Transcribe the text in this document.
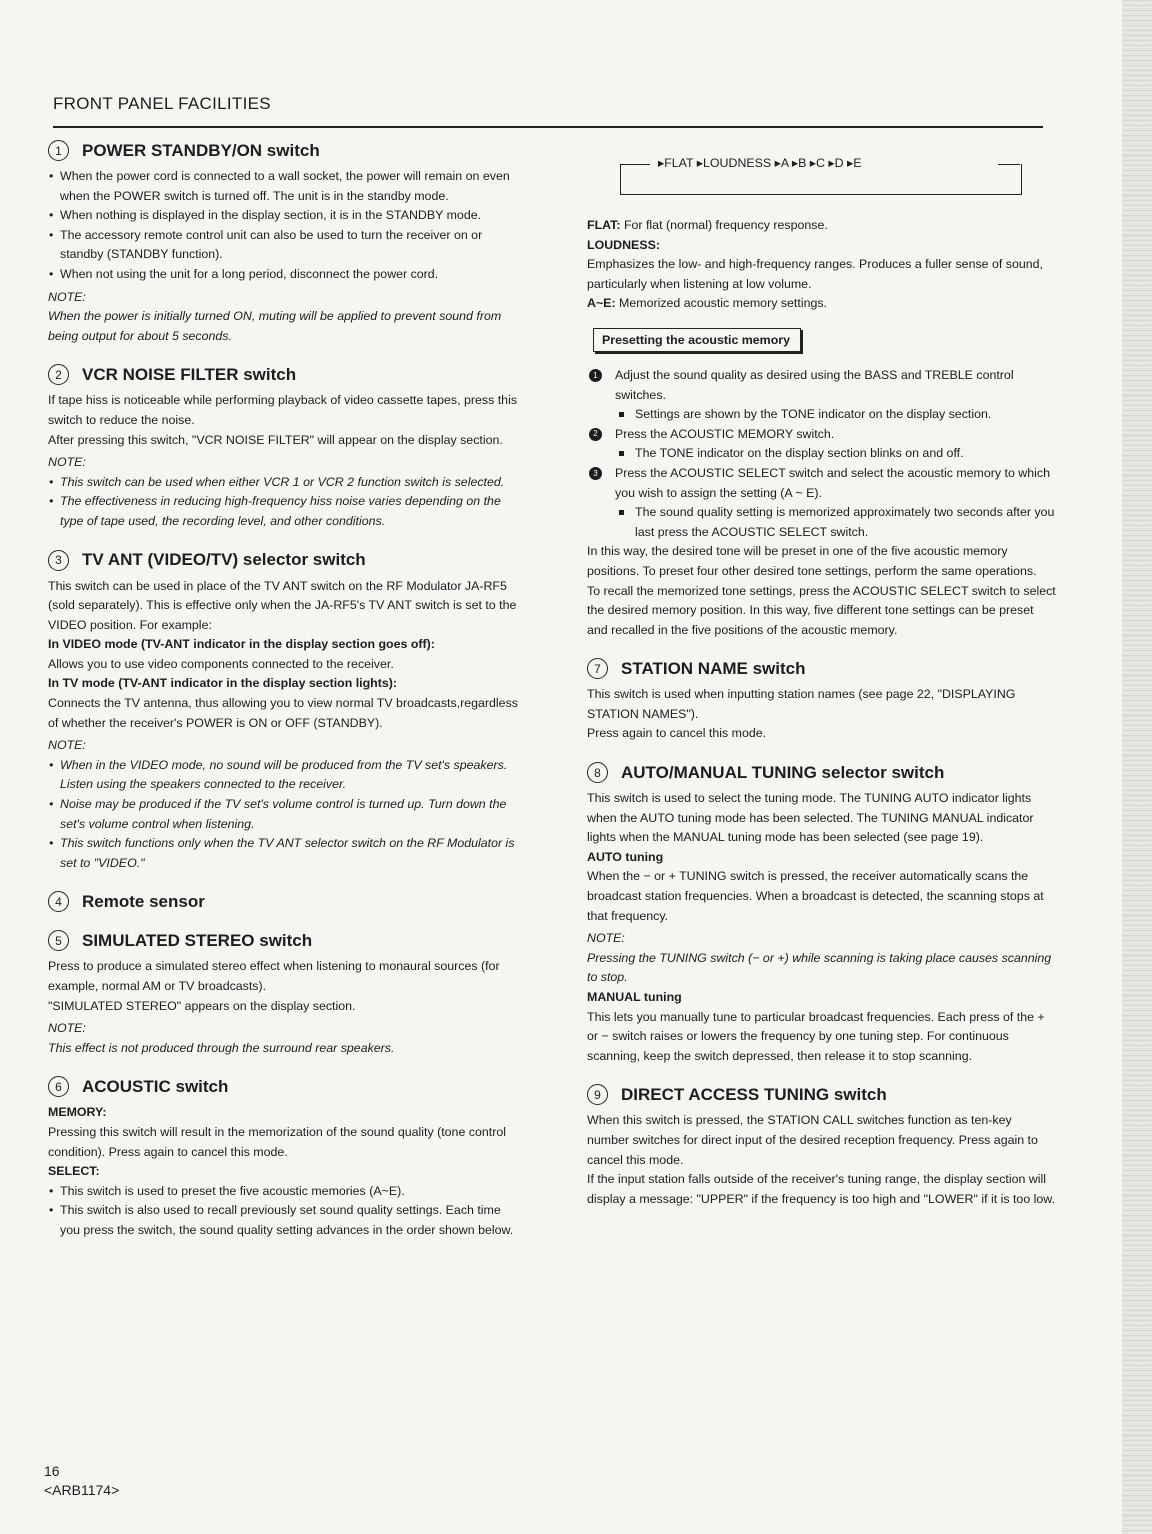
FRONT PANEL FACILITIES
1	POWER STANDBY/ON switch
• When the power cord is connected to a wall socket, the power will remain on even when the POWER switch is turned off. The unit is in the standby mode.
• When nothing is displayed in the display section, it is in the STANDBY mode.
• The accessory remote control unit can also be used to turn the receiver on or standby (STANDBY function).
• When not using the unit for a long period, disconnect the power cord.
NOTE:

When the power is initially turned ON, muting will be applied to prevent sound from being output for about 5 seconds.

2	VCR NOISE FILTER switch

If tape hiss is noticeable while performing playback of video cassette tapes, press this switch to reduce the noise.

After pressing this switch, "VCR NOISE FILTER" will appear on the display section.

NOTE:
• This switch can be used when either VCR 1 or VCR 2 function switch is selected.
• The effectiveness in reducing high-frequency hiss noise varies depending on the type of tape used, the recording level, and other conditions.
3	TV ANT (VIDEO/TV) selector switch

This switch can be used in place of the TV ANT switch on the RF Modulator JA-RF5 (sold separately). This is effective only when the JA-RF5's TV ANT switch is set to the VIDEO position. For example:

In VIDEO mode (TV-ANT indicator in the display section goes off):

Allows you to use video components connected to the receiver.

In TV mode (TV-ANT indicator in the display section lights):

Connects the TV antenna, thus allowing you to view normal TV broadcasts,regardless of whether the receiver's POWER is ON or OFF (STANDBY).

NOTE:
• When in the VIDEO mode, no sound will be produced from the TV set's speakers. Listen using the speakers connected to the receiver.
• Noise may be produced if the TV set's volume control is turned up. Turn down the set's volume control when listening.
• This switch functions only when the TV ANT selector switch on the RF Modulator is set to "VIDEO."
4	Remote sensor
5	SIMULATED STEREO switch

Press to produce a simulated stereo effect when listening to monaural sources (for example, normal AM or TV broadcasts).

"SIMULATED STEREO" appears on the display section.

NOTE:

This effect is not produced through the surround rear speakers.

6	ACOUSTIC switch

MEMORY:

Pressing this switch will result in the memorization of the sound quality (tone control condition). Press again to cancel this mode.

SELECT:

• This switch is used to preset the five acoustic memories (A~E).
• This switch is also used to recall previously set sound quality settings. Each time you press the switch, the sound quality setting advances in the order shown below.
▸FLAT ▸LOUDNESS ▸A ▸B ▸C ▸D ▸E

FLAT: For flat (normal) frequency response.

LOUDNESS:

Emphasizes the low- and high-frequency ranges. Produces a fuller sense of sound, particularly when listening at low volume.

A~E: Memorized acoustic memory settings.

Presetting the acoustic memory
1	Adjust the sound quality as desired using the BASS and TREBLE control switches.
Settings are shown by the TONE indicator on the display section.
2	Press the ACOUSTIC MEMORY switch.
The TONE indicator on the display section blinks on and off.
3	Press the ACOUSTIC SELECT switch and select the acoustic memory to which you wish to assign the setting (A ~ E).
The sound quality setting is memorized approximately two seconds after you last press the ACOUSTIC SELECT switch.

In this way, the desired tone will be preset in one of the five acoustic memory positions. To preset four other desired tone settings, perform the same operations.

To recall the memorized tone settings, press the ACOUSTIC SELECT switch to select the desired memory position. In this way, five different tone settings can be preset and recalled in the five positions of the acoustic memory.

7	STATION NAME switch

This switch is used when inputting station names (see page 22, "DISPLAYING STATION NAMES").

Press again to cancel this mode.

8	AUTO/MANUAL TUNING selector switch

This switch is used to select the tuning mode. The TUNING AUTO indicator lights when the AUTO tuning mode has been selected. The TUNING MANUAL indicator lights when the MANUAL tuning mode has been selected (see page 19).

AUTO tuning

When the − or + TUNING switch is pressed, the receiver automatically scans the broadcast station frequencies. When a broadcast is detected, the scanning stops at that frequency.

NOTE:

Pressing the TUNING switch (− or +) while scanning is taking place causes scanning to stop.

MANUAL tuning

This lets you manually tune to particular broadcast frequencies. Each press of the + or − switch raises or lowers the frequency by one tuning step. For continuous scanning, keep the switch depressed, then release it to stop scanning.

9	DIRECT ACCESS TUNING switch

When this switch is pressed, the STATION CALL switches function as ten-key number switches for direct input of the desired reception frequency. Press again to cancel this mode.

If the input station falls outside of the receiver's tuning range, the display section will display a message: "UPPER" if the frequency is too high and "LOWER" if it is too low.

16
<ARB1174>
